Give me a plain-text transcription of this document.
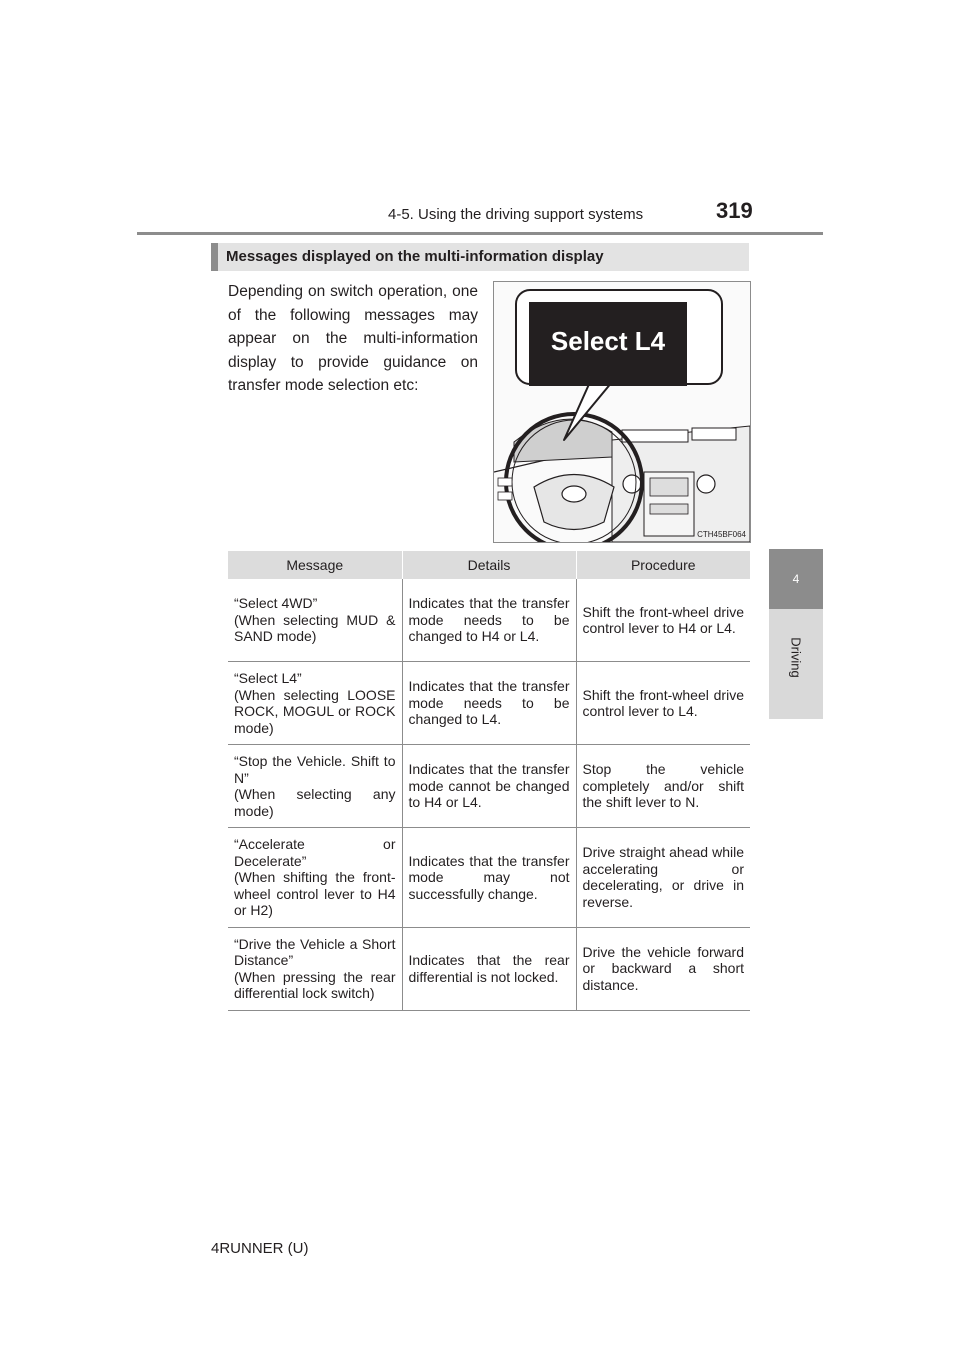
4-5. Using the driving support systems	319
4
Driving
Messages displayed on the multi-information display
Depending on switch operation, one of the following messages may appear on the multi-information display to provide guidance on transfer mode selection etc:
Select L4
CTH45BF064
Message	Details	Procedure

“Select 4WD”
(When selecting MUD & SAND mode)	Indicates that the transfer mode needs to be changed to H4 or L4.	Shift the front-wheel drive control lever to H4 or L4.

“Select L4”
(When selecting LOOSE ROCK, MOGUL or ROCK mode)	Indicates that the transfer mode needs to be changed to L4.	Shift the front-wheel drive control lever to L4.

“Stop the Vehicle. Shift to N”
(When selecting any mode)	Indicates that the transfer mode cannot be changed to H4 or L4.	Stop the vehicle completely and/or shift the shift lever to N.

“Accelerate or Decelerate”
(When shifting the front-wheel control lever to H4 or H2)	Indicates that the transfer mode may not successfully change.	Drive straight ahead while accelerating or decelerating, or drive in reverse.

“Drive the Vehicle a Short Distance”
(When pressing the rear differential lock switch)	Indicates that the rear differential is not locked.	Drive the vehicle forward or backward a short distance.
4RUNNER (U)
